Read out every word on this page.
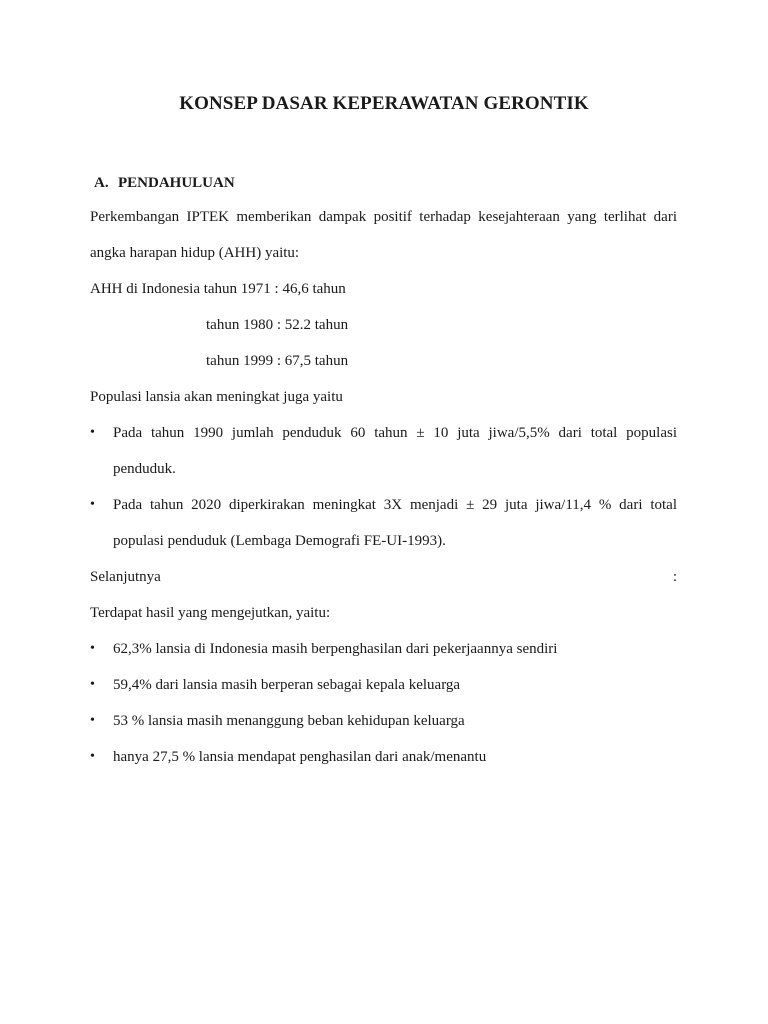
KONSEP DASAR KEPERAWATAN GERONTIK
A. PENDAHULUAN
Perkembangan IPTEK memberikan dampak positif terhadap kesejahteraan yang terlihat dari angka harapan hidup (AHH) yaitu:
AHH di Indonesia tahun 1971 : 46,6 tahun
tahun 1980 : 52.2 tahun
tahun 1999 : 67,5 tahun
Populasi lansia akan meningkat juga yaitu
•	Pada tahun 1990 jumlah penduduk 60 tahun ± 10 juta jiwa/5,5% dari total populasi penduduk.
•	Pada tahun 2020 diperkirakan meningkat 3X menjadi ± 29 juta jiwa/11,4 % dari total populasi penduduk (Lembaga Demografi FE-UI-1993).
Selanjutnya	:
Terdapat hasil yang mengejutkan, yaitu:
•	62,3% lansia di Indonesia masih berpenghasilan dari pekerjaannya sendiri
•	59,4% dari lansia masih berperan sebagai kepala keluarga
•	53 % lansia masih menanggung beban kehidupan keluarga
•	hanya 27,5 % lansia mendapat penghasilan dari anak/menantu
